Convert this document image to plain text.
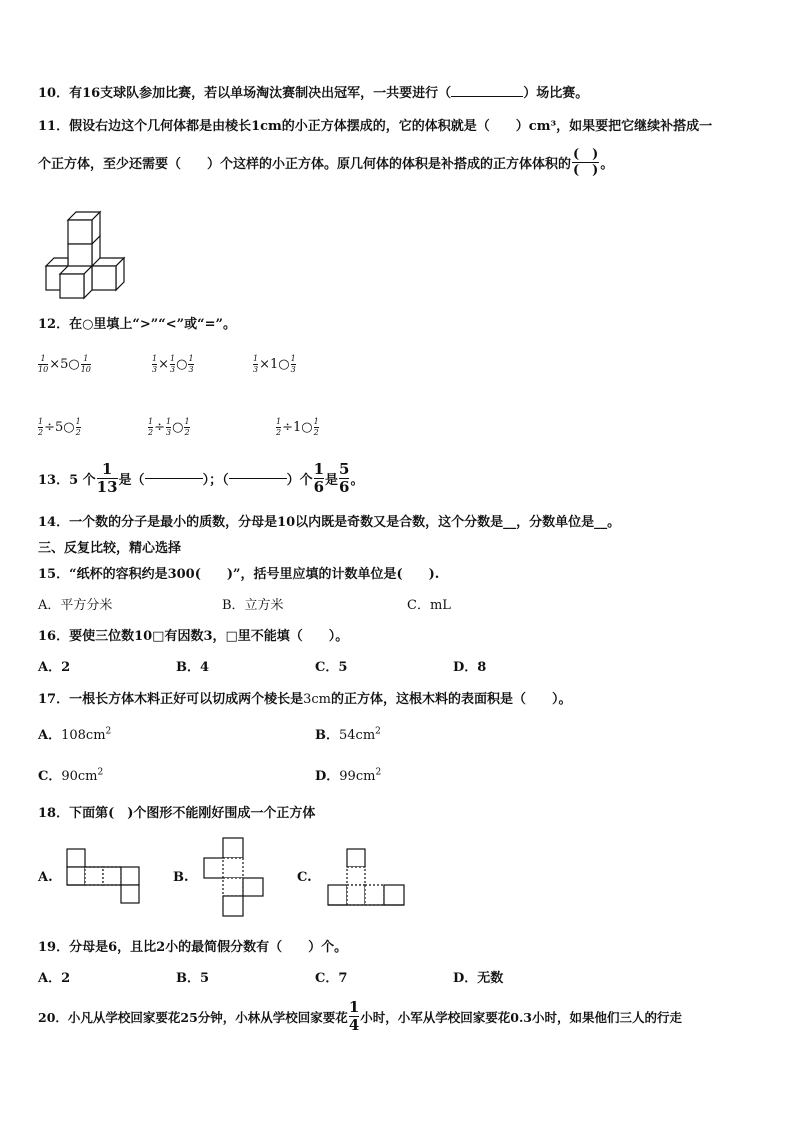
10．有16支球队参加比赛，若以单场淘汰赛制决出冠军，一共要进行（	）场比赛。
11．假设右边这个几何体都是由棱长1cm的小正方体摆成的，它的体积就是（　　）cm³，如果要把它继续补搭成一
个正方体，至少还需要（　　）个这样的小正方体。原几何体的体积是补搭成的正方体体积的 $\frac{( )}{( )}$ 。
12．在○里填上“>”“<”或“=”。
$\frac{1}{10}$ ×5○ $\frac{1}{10}$	$\frac{1}{3} \times \frac{1}{3}$ ○ $\frac{1}{3}$	$\frac{1}{3}$ ×1○ $\frac{1}{3}$
$\frac{1}{2}$ ÷5○ $\frac{1}{2}$	$\frac{1}{2} \div \frac{1}{3}$ ○ $\frac{1}{2}$	$\frac{1}{2}$ ÷1○ $\frac{1}{2}$
13． 5 个 $\frac{1}{13}$ 是（	）；（	）个 $\frac{1}{6}$ 是 $\frac{5}{6}$ 。
14．一个数的分子是最小的质数，分母是10以内既是奇数又是合数，这个分数是__，分数单位是__。
三、反复比较，精心选择
15．“纸杯的容积约是300(　　)”，括号里应填的计数单位是(　　).
A．平方分米	B．立方米	C．mL
16．要使三位数10□有因数3，□里不能填（　　）。
A．2	B．4	C．5	D．8
17．一根长方体木料正好可以切成两个棱长是3cm的正方体，这根木料的表面积是（　　）。
A．$108cm^2$	B．$54cm^2$
C．$90cm^2$	D．$99cm^2$
18．下面第(　)个图形不能刚好围成一个正方体
A.	B.	C.
19．分母是6，且比2小的最简假分数有（　　）个。
A．2	B．5	C．7	D．无数
20． 小凡从学校回家要花25分钟，小林从学校回家要花 $\frac{1}{4}$ 小时，小军从学校回家要花0.3小时，如果他们三人的行走
